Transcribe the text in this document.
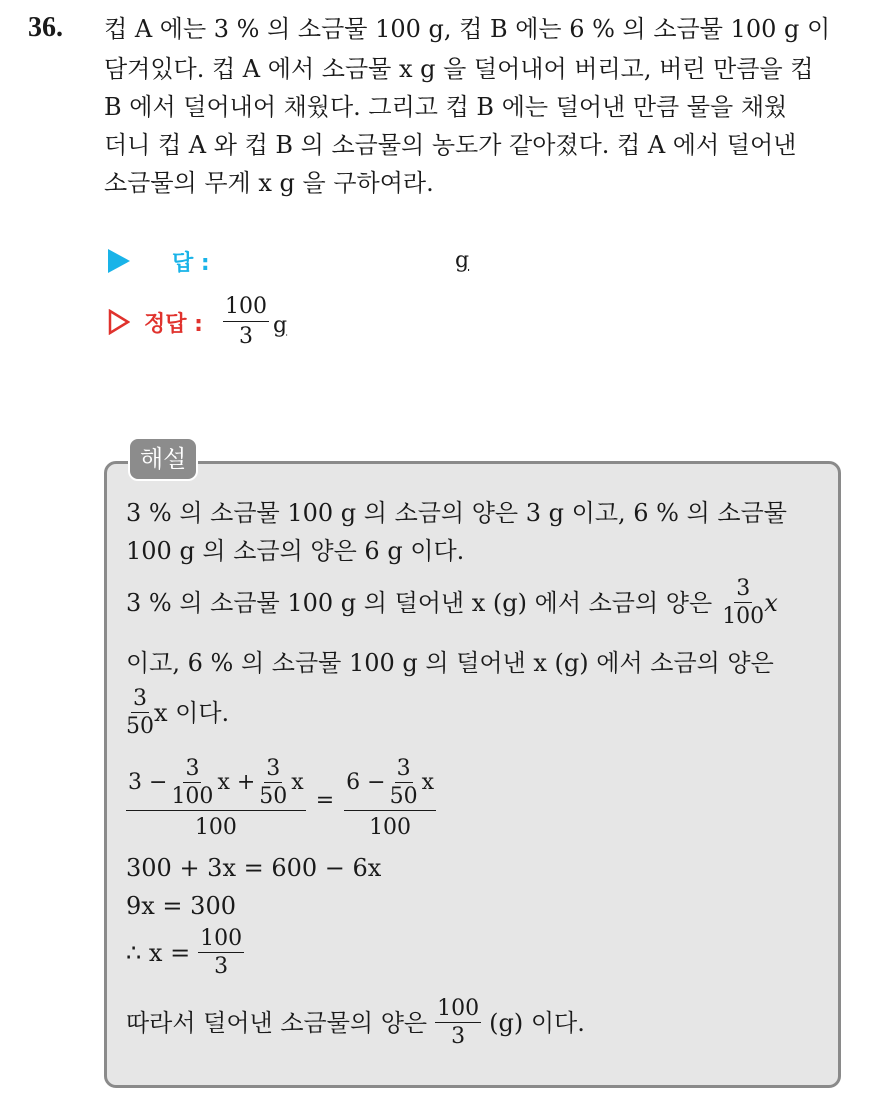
36. 컵 A 에는 3 % 의 소금물 100 g, 컵 B 에는 6 % 의 소금물 100 g 이
담겨있다. 컵 A 에서 소금물 x g 을 덜어내어 버리고, 버린 만큼을 컵
B 에서 덜어내어 채웠다. 그리고 컵 B 에는 덜어낸 만큼 물을 채웠
더니 컵 A 와 컵 B 의 소금물의 농도가 같아졌다. 컵 A 에서 덜어낸
소금물의 무게 x g 을 구하여라.
답 :	g
정답 : $\frac{100}{3}$ g
해설
3 % 의 소금물 100 g 의 소금의 양은 3 g 이고, 6 % 의 소금물
100 g 의 소금의 양은 6 g 이다.
3 % 의 소금물 100 g 의 덜어낸 x (g) 에서 소금의 양은 $\frac{3}{100}$ x
이고, 6 % 의 소금물 100 g 의 덜어낸 x (g) 에서 소금의 양은
$\frac{3}{50}$ x 이다.
$3 - \frac{3}{100}$ $x + \frac{3}{50}$ x
100
= $\frac{6 - \frac{3}{50} x}{100}$
300 + 3x = 600 − 6x
9x = 300
∴ $x = \frac{100}{3}$
따라서 덜어낸 소금물의 양은 $\frac{100}{3} (g)$ 이다.
